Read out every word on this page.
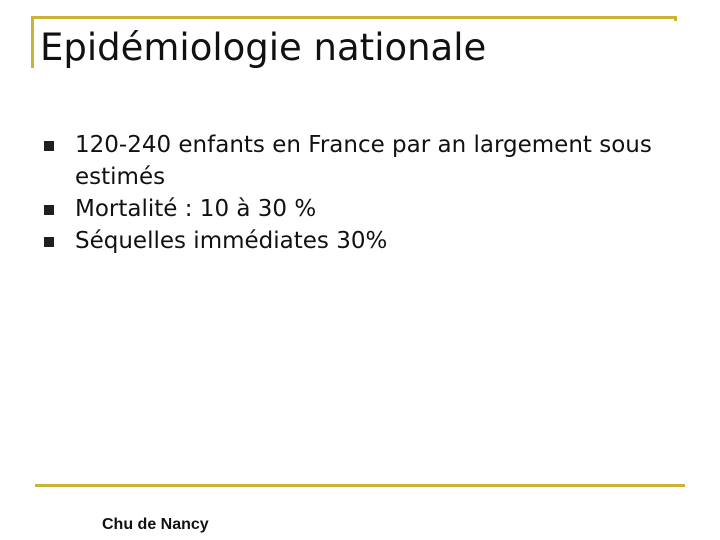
Epidémiologie nationale
120-240 enfants en France par an largement sous estimés
Mortalité : 10 à 30 %
Séquelles immédiates 30%
Chu de Nancy
